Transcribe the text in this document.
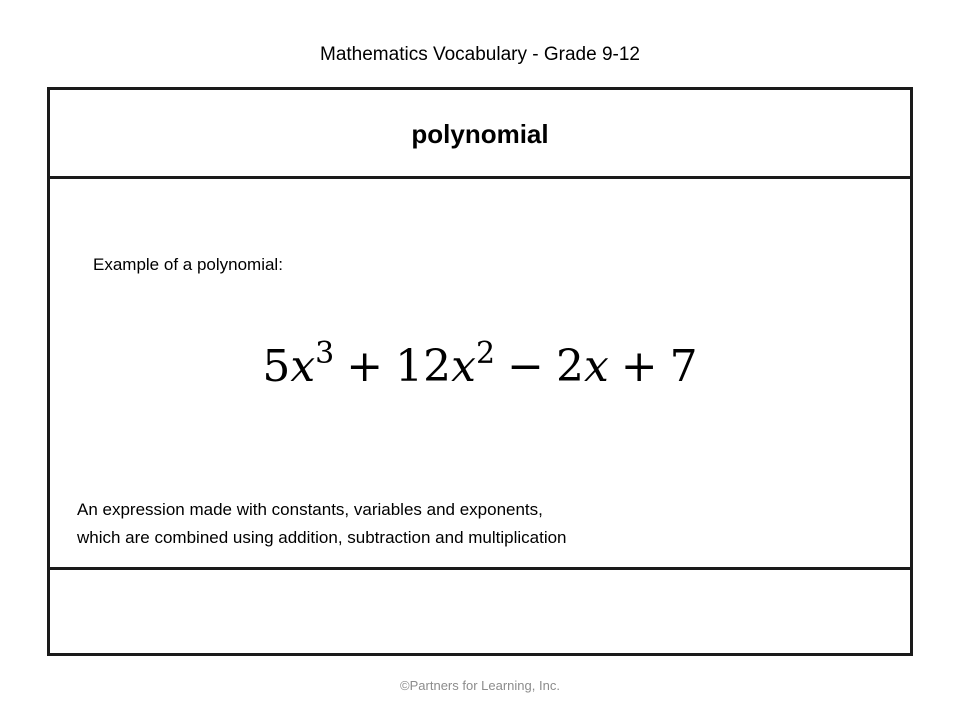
Mathematics Vocabulary - Grade 9-12
polynomial
Example of a polynomial:
$5x^3 + 12x^2 - 2x + 7$
An expression made with constants, variables and exponents,
which are combined using addition, subtraction and multiplication
©Partners for Learning, Inc.
